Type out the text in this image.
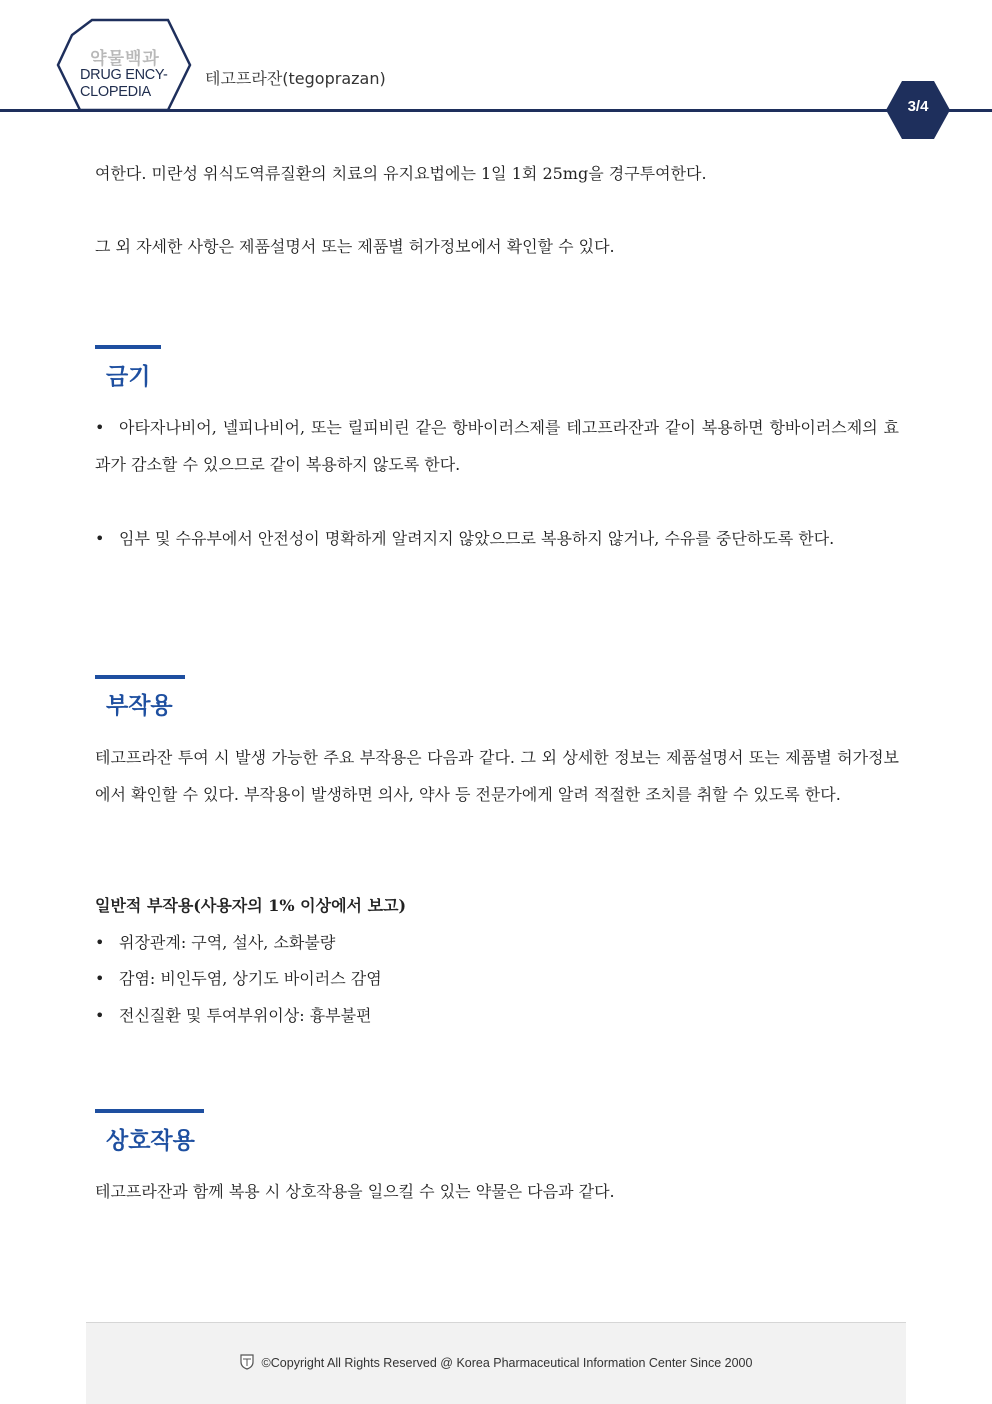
약물백과
DRUG ENCY-
CLOPEDIA
테고프라잔(tegoprazan)
3/4

여한다. 미란성 위식도역류질환의 치료의 유지요법에는 1일 1회 25mg을 경구투여한다.

그 외 자세한 사항은 제품설명서 또는 제품별 허가정보에서 확인할 수 있다.

금기

• 아타자나비어, 넬피나비어, 또는 릴피비린 같은 항바이러스제를 테고프라잔과 같이 복용하면 항바이러스제의 효과가 감소할 수 있으므로 같이 복용하지 않도록 한다.

• 임부 및 수유부에서 안전성이 명확하게 알려지지 않았으므로 복용하지 않거나, 수유를 중단하도록 한다.

부작용

테고프라잔 투여 시 발생 가능한 주요 부작용은 다음과 같다. 그 외 상세한 정보는 제품설명서 또는 제품별 허가정보에서 확인할 수 있다. 부작용이 발생하면 의사, 약사 등 전문가에게 알려 적절한 조치를 취할 수 있도록 한다.

일반적 부작용(사용자의 1% 이상에서 보고)

• 위장관계: 구역, 설사, 소화불량

• 감염: 비인두염, 상기도 바이러스 감염

• 전신질환 및 투여부위이상: 흉부불편

상호작용

테고프라잔과 함께 복용 시 상호작용을 일으킬 수 있는 약물은 다음과 같다.

©Copyright All Rights Reserved @ Korea Pharmaceutical Information Center Since 2000
